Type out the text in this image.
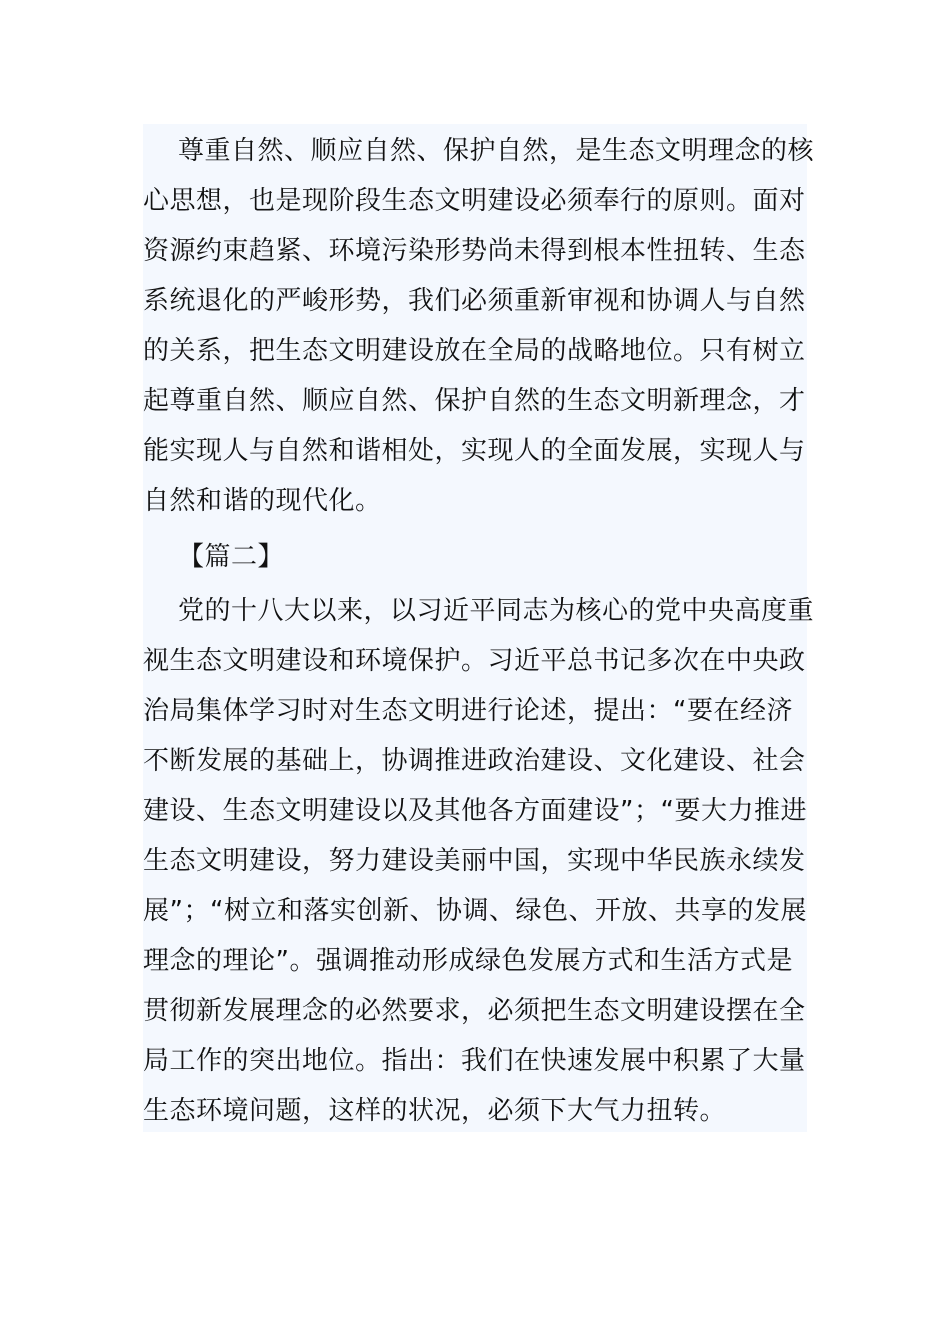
尊重自然、顺应自然、保护自然，是生态文明理念的核
心思想，也是现阶段生态文明建设必须奉行的原则。面对
资源约束趋紧、环境污染形势尚未得到根本性扭转、生态
系统退化的严峻形势，我们必须重新审视和协调人与自然
的关系，把生态文明建设放在全局的战略地位。只有树立
起尊重自然、顺应自然、保护自然的生态文明新理念，才
能实现人与自然和谐相处，实现人的全面发展，实现人与
自然和谐的现代化。
【篇二】
党的十八大以来，以习近平同志为核心的党中央高度重
视生态文明建设和环境保护。习近平总书记多次在中央政
治局集体学习时对生态文明进行论述，提出：“要在经济
不断发展的基础上，协调推进政治建设、文化建设、社会
建设、生态文明建设以及其他各方面建设”；“要大力推进
生态文明建设，努力建设美丽中国，实现中华民族永续发
展”；“树立和落实创新、协调、绿色、开放、共享的发展
理念的理论”。强调推动形成绿色发展方式和生活方式是
贯彻新发展理念的必然要求，必须把生态文明建设摆在全
局工作的突出地位。指出：我们在快速发展中积累了大量
生态环境问题，这样的状况，必须下大气力扭转。
